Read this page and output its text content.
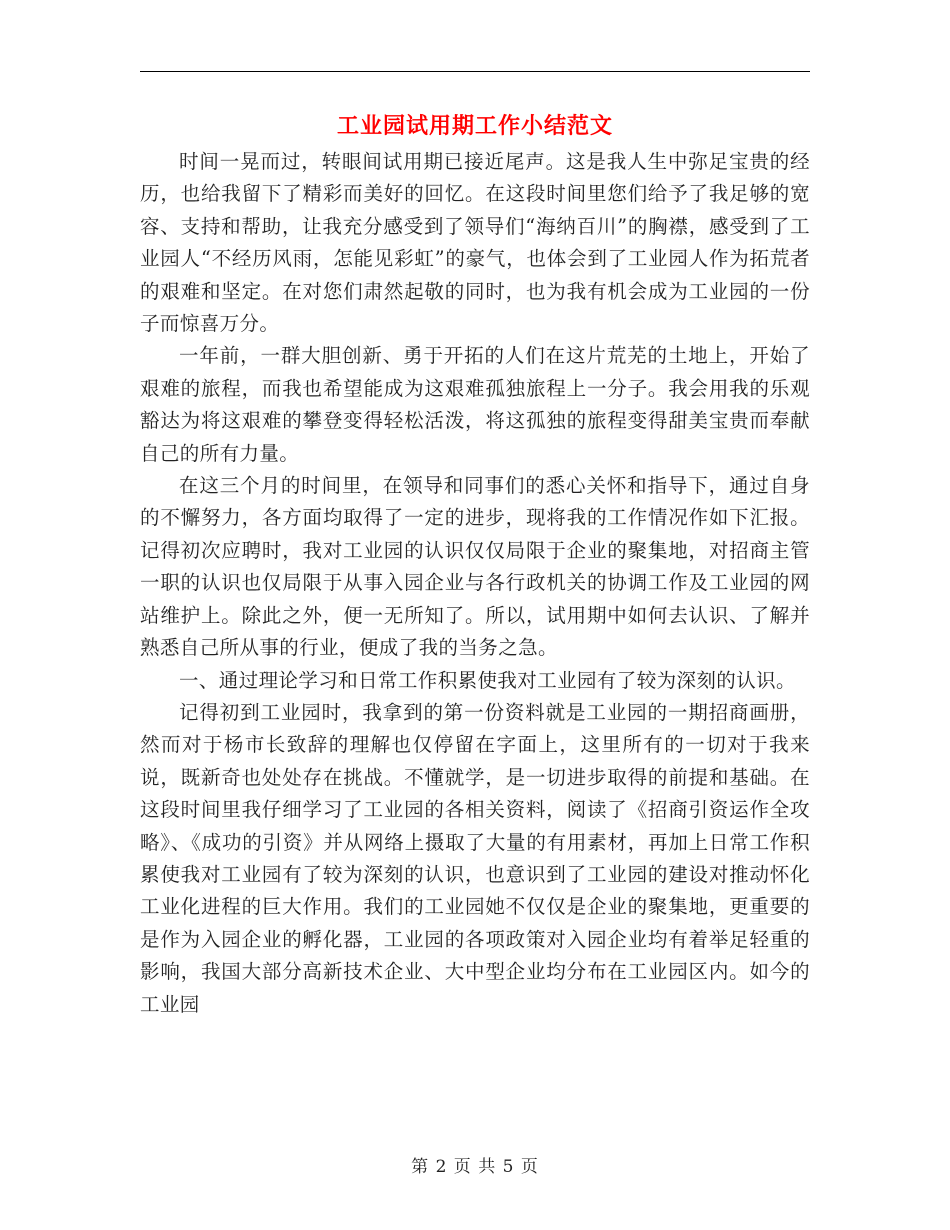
工业园试用期工作小结范文

时间一晃而过，转眼间试用期已接近尾声。这是我人生中弥足宝贵的经历，也给我留下了精彩而美好的回忆。在这段时间里您们给予了我足够的宽容、支持和帮助，让我充分感受到了领导们“海纳百川”的胸襟，感受到了工业园人“不经历风雨，怎能见彩虹”的豪气，也体会到了工业园人作为拓荒者的艰难和坚定。在对您们肃然起敬的同时，也为我有机会成为工业园的一份子而惊喜万分。

一年前，一群大胆创新、勇于开拓的人们在这片荒芜的土地上，开始了艰难的旅程，而我也希望能成为这艰难孤独旅程上一分子。我会用我的乐观豁达为将这艰难的攀登变得轻松活泼，将这孤独的旅程变得甜美宝贵而奉献自己的所有力量。

在这三个月的时间里，在领导和同事们的悉心关怀和指导下，通过自身的不懈努力，各方面均取得了一定的进步，现将我的工作情况作如下汇报。 记得初次应聘时，我对工业园的认识仅仅局限于企业的聚集地，对招商主管一职的认识也仅局限于从事入园企业与各行政机关的协调工作及工业园的网站维护上。除此之外，便一无所知了。所以，试用期中如何去认识、了解并熟悉自己所从事的行业，便成了我的当务之急。

一、通过理论学习和日常工作积累使我对工业园有了较为深刻的认识。

记得初到工业园时，我拿到的第一份资料就是工业园的一期招商画册，然而对于杨市长致辞的理解也仅停留在字面上，这里所有的一切对于我来说，既新奇也处处存在挑战。不懂就学，是一切进步取得的前提和基础。在这段时间里我仔细学习了工业园的各相关资料，阅读了《招商引资运作全攻略》、《成功的引资》并从网络上摄取了大量的有用素材，再加上日常工作积累使我对工业园有了较为深刻的认识，也意识到了工业园的建设对推动怀化工业化进程的巨大作用。我们的工业园她不仅仅是企业的聚集地，更重要的是作为入园企业的孵化器，工业园的各项政策对入园企业均有着举足轻重的影响，我国大部分高新技术企业、大中型企业均分布在工业园区内。如今的工业园

第 2 页 共 5 页
